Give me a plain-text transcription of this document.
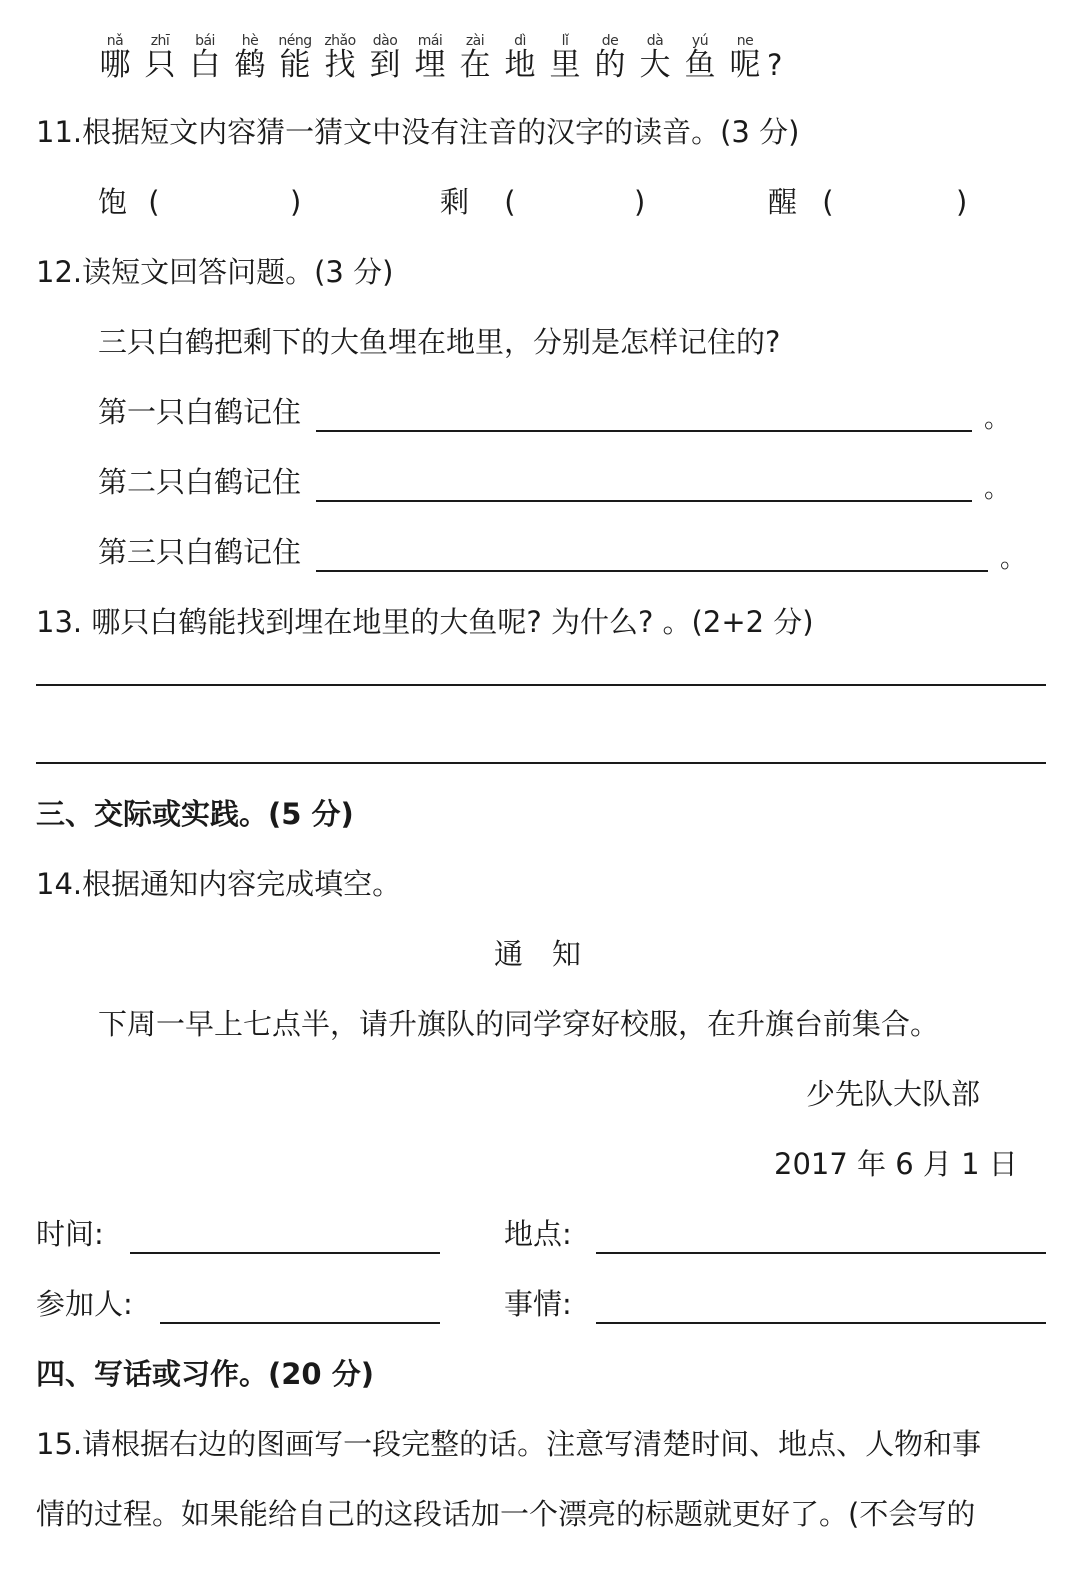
nǎ
哪
zhī
只
bái
白
hè
鹤
néng
能
zhǎo
找
dào
到
mái
埋
zài
在
dì
地
lǐ
里
de
的
dà
大
yú
鱼
ne
呢 ?
11.根据短文内容猜一猜文中没有注音的汉字的读音。(3 分)
饱 (	)	剩 (	)	醒 (	)
12.读短文回答问题。(3 分)
三只白鹤把剩下的大鱼埋在地里，分别是怎样记住的?
第一只白鹤记住	。
第二只白鹤记住	。
第三只白鹤记住	。
13. 哪只白鹤能找到埋在地里的大鱼呢? 为什么? 。(2+2 分)
三、交际或实践。(5 分)
14.根据通知内容完成填空。
通　知
下周一早上七点半，请升旗队的同学穿好校服，在升旗台前集合。
少先队大队部
2017 年 6 月 1 日
时间:	地点:
参加人:	事情:
四、写话或习作。(20 分)
15.请根据右边的图画写一段完整的话。注意写清楚时间、地点、人物和事
情的过程。如果能给自己的这段话加一个漂亮的标题就更好了。(不会写的
